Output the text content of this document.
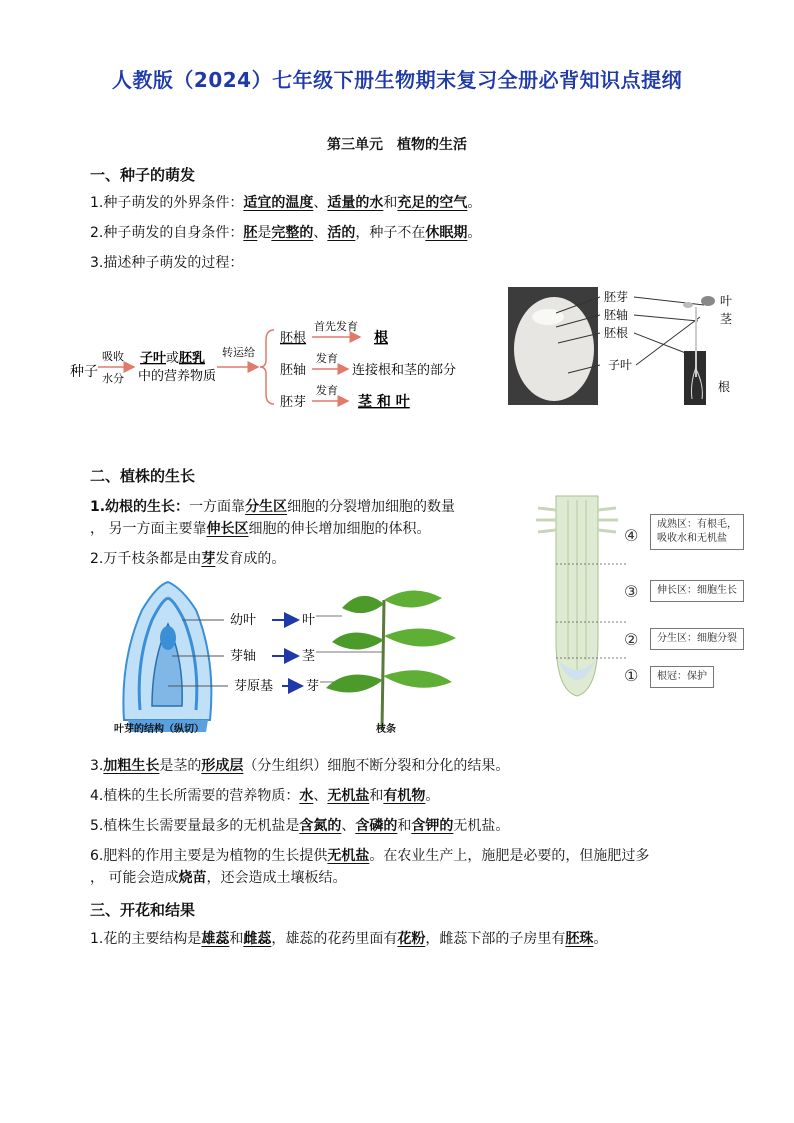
人教版（2024）七年级下册生物期末复习全册必背知识点提纲
第三单元　植物的生活
一、种子的萌发
1.种子萌发的外界条件：适宜的温度、适量的水和充足的空气。
2.种子萌发的自身条件：胚是完整的、活的，种子不在休眠期。
3.描述种子萌发的过程：
种子
吸收
水分
子叶或胚乳
中的营养物质
转运给
胚根
首先发育
根
胚轴
发育
连接根和茎的部分
胚芽
发育
茎 和 叶
胚芽
胚轴
胚根
子叶
叶
茎
根
二、植株的生长
1.幼根的生长：一方面靠分生区细胞的分裂增加细胞的数量
， 另一方面主要靠伸长区细胞的伸长增加细胞的体积。
2.万千枝条都是由芽发育成的。
幼叶
芽轴
芽原基
叶
茎
芽
叶芽的结构（纵切）	枝条
④
成熟区：有根毛，
吸收水和无机盐
③	伸长区：细胞生长
②	分生区：细胞分裂
①	根冠：保护
3.加粗生长是茎的形成层（分生组织）细胞不断分裂和分化的结果。
4.植株的生长所需要的营养物质：水、无机盐和有机物。
5.植株生长需要量最多的无机盐是含氮的、含磷的和含钾的无机盐。
6.肥料的作用主要是为植物的生长提供无机盐。在农业生产上，施肥是必要的，但施肥过多
， 可能会造成烧苗，还会造成土壤板结。
三、开花和结果
1.花的主要结构是雄蕊和雌蕊，雄蕊的花药里面有花粉，雌蕊下部的子房里有胚珠。
